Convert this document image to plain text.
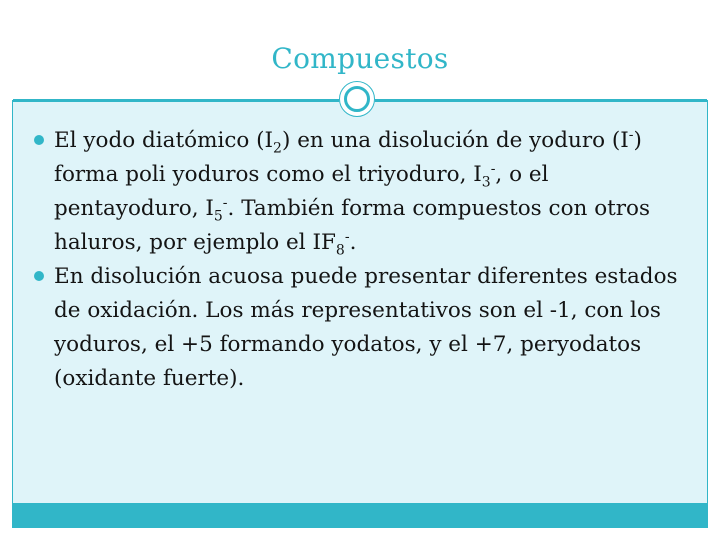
Compuestos
El yodo diatómico $(I_2)$ en una disolución de yoduro (I-) forma poli yoduros como el triyoduro, $I_3^-$, o el pentayoduro, $I_5^-$. También forma compuestos con otros haluros, por ejemplo el $IF_8^-$.
En disolución acuosa puede presentar diferentes estados de oxidación. Los más representativos son el -1, con los yoduros, el +5 formando yodatos, y el +7, peryodatos (oxidante fuerte).
